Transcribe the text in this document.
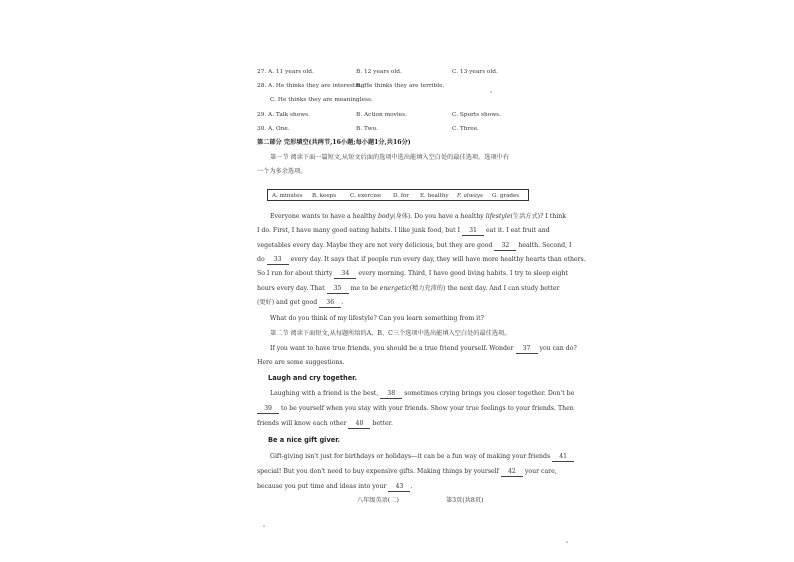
27. A. 11 years old.	B. 12 years old.	C. 13 years old.
28. A. He thinks they are interesting.
B. He thinks they are terrible.
C. He thinks they are meaningless.
29. A. Talk shows.	B. Action movies.	C. Sports shows.
30. A. One.	B. Two.	C. Three.
第二部分 完形填空(共两节,16小题;每小题1分,共16分)
第一节 阅读下面一篇短文,从短文后面的选项中选出能填入空白处的最佳选项。选项中有
一个为多余选项。
A. minutes B. keeps C. exercise D. for E. healthy F. always G. grades
Everyone wants to have a healthy body(身体). Do you have a healthy lifestyle(生活方式)? I think
I do. First, I have many good eating habits. I like junk food, but I 31 eat it. I eat fruit and
vegetables every day. Maybe they are not very delicious, but they are good 32 health. Second, I
do 33 every day. It says that if people run every day, they will have more healthy hearts than others.
So I run for about thirty 34 every morning. Third, I have good living habits. I try to sleep eight
hours every day. That 35 me to be energetic(精力充沛的) the next day. And I can study better
(更好) and get good 36 .
What do you think of my lifestyle? Can you learn something from it?
第二节 阅读下面短文,从每题所给的A、B、C三个选项中选出能填入空白处的最佳选项。
If you want to have true friends, you should be a true friend yourself. Wonder 37 you can do?
Here are some suggestions.
Laugh and cry together.
Laughing with a friend is the best, 38 sometimes crying brings you closer together. Don't be
39 to be yourself when you stay with your friends. Show your true feelings to your friends. Then
friends will know each other 40 better.
Be a nice gift giver.
Gift-giving isn't just for birthdays or holidays—it can be a fun way of making your friends 41
special! But you don't need to buy expensive gifts. Making things by yourself 42 your care,
because you put time and ideas into your 43 .
八年级英语(二)	第3页(共8页)
